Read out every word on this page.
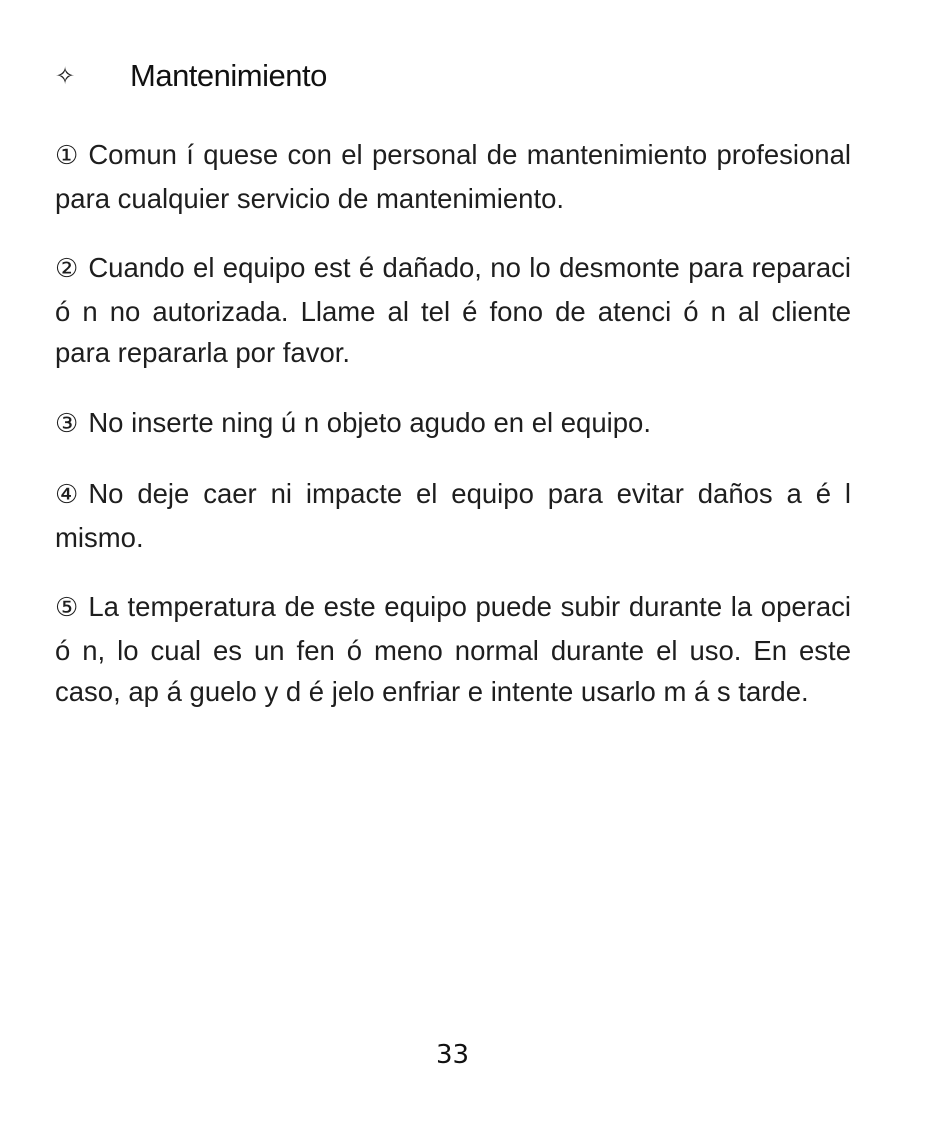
✧	Mantenimiento

① Comun í quese con el personal de mantenimiento profesional para cualquier servicio de mantenimiento.

② Cuando el equipo est é dañado, no lo desmonte para reparaci ó n no autorizada. Llame al tel é fono de atenci ó n al cliente para repararla por favor.

③ No inserte ning ú n objeto agudo en el equipo.

④ No deje caer ni impacte el equipo para evitar daños a é l mismo.

⑤ La temperatura de este equipo puede subir durante la operaci ó n, lo cual es un fen ó meno normal durante el uso. En este caso, ap á guelo y d é jelo enfriar e intente usarlo m á s tarde.

33
